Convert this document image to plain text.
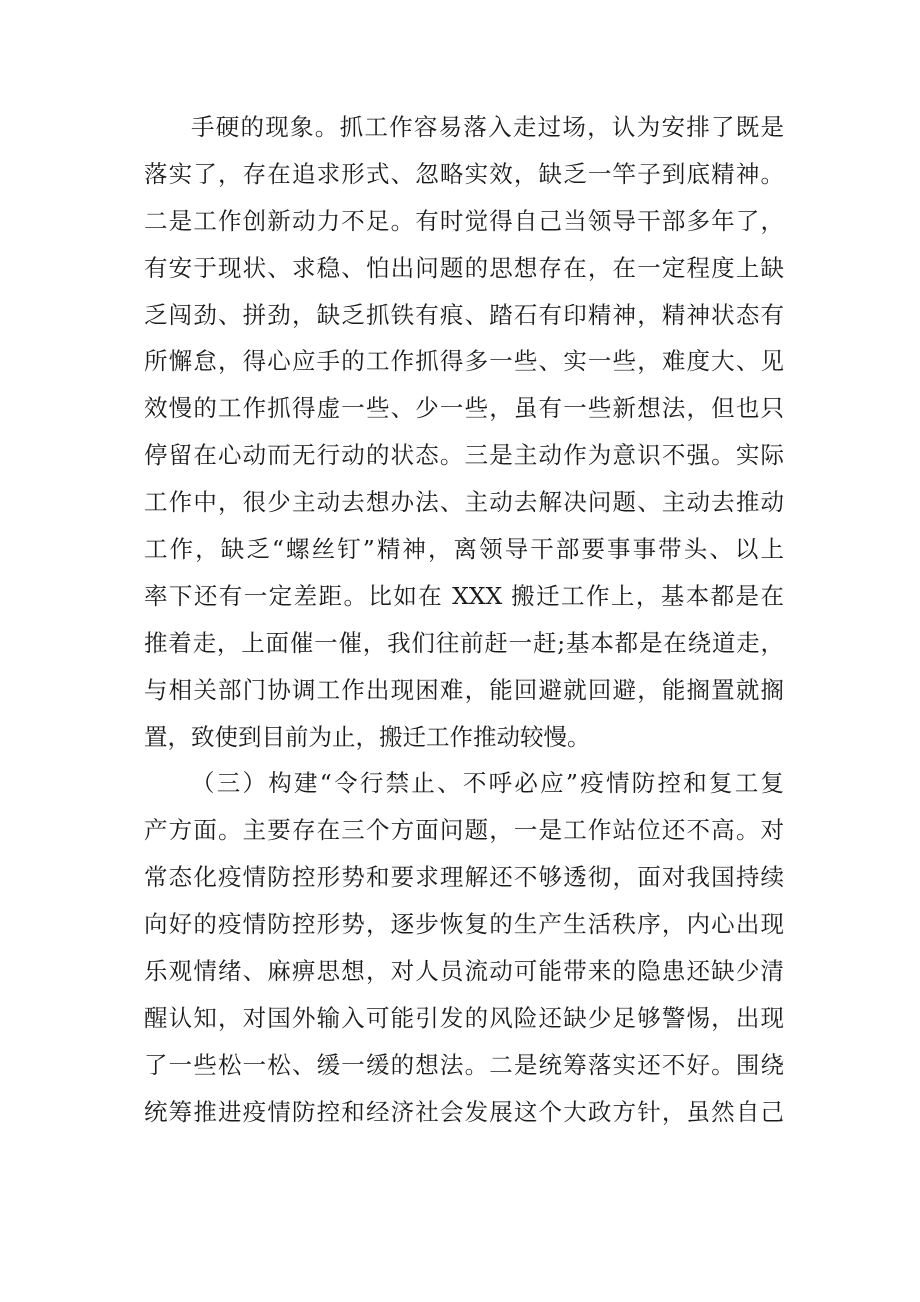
手硬的现象。抓工作容易落入走过场，认为安排了既是
落实了，存在追求形式、忽略实效，缺乏一竿子到底精神。
二是工作创新动力不足。有时觉得自己当领导干部多年了，
有安于现状、求稳、怕出问题的思想存在，在一定程度上缺
乏闯劲、拼劲，缺乏抓铁有痕、踏石有印精神，精神状态有
所懈怠，得心应手的工作抓得多一些、实一些，难度大、见
效慢的工作抓得虚一些、少一些，虽有一些新想法，但也只
停留在心动而无行动的状态。三是主动作为意识不强。实际
工作中，很少主动去想办法、主动去解决问题、主动去推动
工作，缺乏“螺丝钉”精神，离领导干部要事事带头、以上
率下还有一定差距。比如在 XXX 搬迁工作上，基本都是在
推着走，上面催一催，我们往前赶一赶;基本都是在绕道走，
与相关部门协调工作出现困难，能回避就回避，能搁置就搁
置，致使到目前为止，搬迁工作推动较慢。
（三）构建“令行禁止、不呼必应”疫情防控和复工复
产方面。主要存在三个方面问题，一是工作站位还不高。对
常态化疫情防控形势和要求理解还不够透彻，面对我国持续
向好的疫情防控形势，逐步恢复的生产生活秩序，内心出现
乐观情绪、麻痹思想，对人员流动可能带来的隐患还缺少清
醒认知，对国外输入可能引发的风险还缺少足够警惕，出现
了一些松一松、缓一缓的想法。二是统筹落实还不好。围绕
统筹推进疫情防控和经济社会发展这个大政方针，虽然自己
